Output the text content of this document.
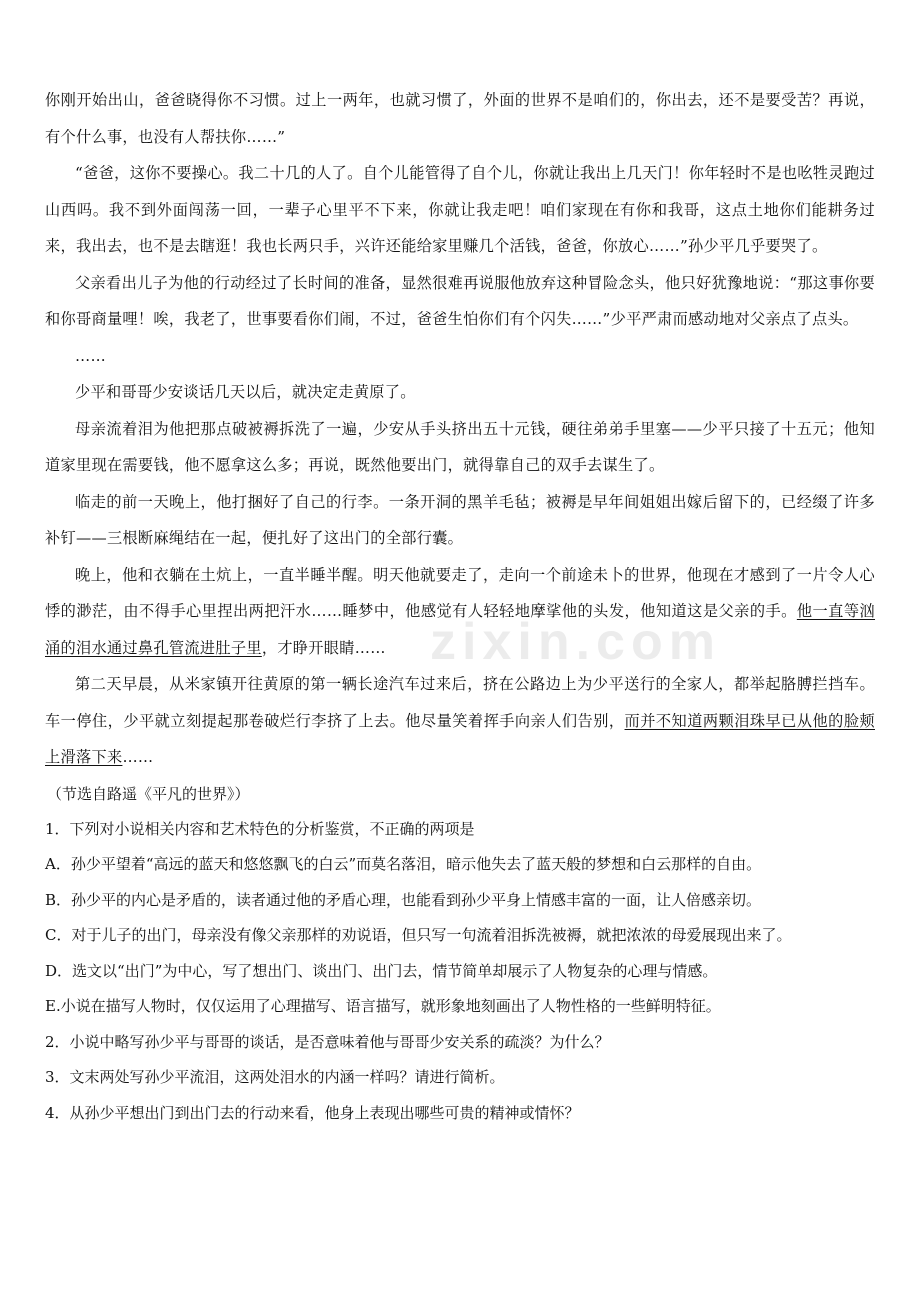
zixin.com

你刚开始出山，爸爸晓得你不习惯。过上一两年，也就习惯了，外面的世界不是咱们的，你出去，还不是要受苦？再说，有个什么事，也没有人帮扶你……”

“爸爸，这你不要操心。我二十几的人了。自个儿能管得了自个儿，你就让我出上几天门！你年轻时不是也吆牲灵跑过山西吗。我不到外面闯荡一回，一辈子心里平不下来，你就让我走吧！咱们家现在有你和我哥，这点土地你们能耕务过来，我出去，也不是去瞎逛！我也长两只手，兴许还能给家里赚几个活钱，爸爸，你放心……”孙少平几乎要哭了。

父亲看出儿子为他的行动经过了长时间的准备，显然很难再说服他放弃这种冒险念头，他只好犹豫地说：“那这事你要和你哥商量哩！唉，我老了，世事要看你们闹，不过，爸爸生怕你们有个闪失……”少平严肃而感动地对父亲点了点头。

……

少平和哥哥少安谈话几天以后，就决定走黄原了。

母亲流着泪为他把那点破被褥拆洗了一遍，少安从手头挤出五十元钱，硬往弟弟手里塞——少平只接了十五元；他知道家里现在需要钱，他不愿拿这么多；再说，既然他要出门，就得靠自己的双手去谋生了。

临走的前一天晚上，他打捆好了自己的行李。一条开洞的黑羊毛毡；被褥是早年间姐姐出嫁后留下的，已经缀了许多补钉——三根断麻绳结在一起，便扎好了这出门的全部行囊。

晚上，他和衣躺在土炕上，一直半睡半醒。明天他就要走了，走向一个前途未卜的世界，他现在才感到了一片令人心悸的渺茫，由不得手心里捏出两把汗水……睡梦中，他感觉有人轻轻地摩挲他的头发，他知道这是父亲的手。他一直等汹涌的泪水通过鼻孔管流进肚子里，才睁开眼睛……

第二天早晨，从米家镇开往黄原的第一辆长途汽车过来后，挤在公路边上为少平送行的全家人，都举起胳膊拦挡车。车一停住，少平就立刻提起那卷破烂行李挤了上去。他尽量笑着挥手向亲人们告别，而并不知道两颗泪珠早已从他的脸颊上滑落下来……

（节选自路遥《平凡的世界》）

1．下列对小说相关内容和艺术特色的分析鉴赏，不正确的两项是

A．孙少平望着“高远的蓝天和悠悠飘飞的白云”而莫名落泪，暗示他失去了蓝天般的梦想和白云那样的自由。

B．孙少平的内心是矛盾的，读者通过他的矛盾心理，也能看到孙少平身上情感丰富的一面，让人倍感亲切。

C．对于儿子的出门，母亲没有像父亲那样的劝说语，但只写一句流着泪拆洗被褥，就把浓浓的母爱展现出来了。

D．选文以“出门”为中心，写了想出门、谈出门、出门去，情节简单却展示了人物复杂的心理与情感。

E.小说在描写人物时，仅仅运用了心理描写、语言描写，就形象地刻画出了人物性格的一些鲜明特征。

2．小说中略写孙少平与哥哥的谈话，是否意味着他与哥哥少安关系的疏淡？为什么？

3．文末两处写孙少平流泪，这两处泪水的内涵一样吗？请进行简析。

4．从孙少平想出门到出门去的行动来看，他身上表现出哪些可贵的精神或情怀？
